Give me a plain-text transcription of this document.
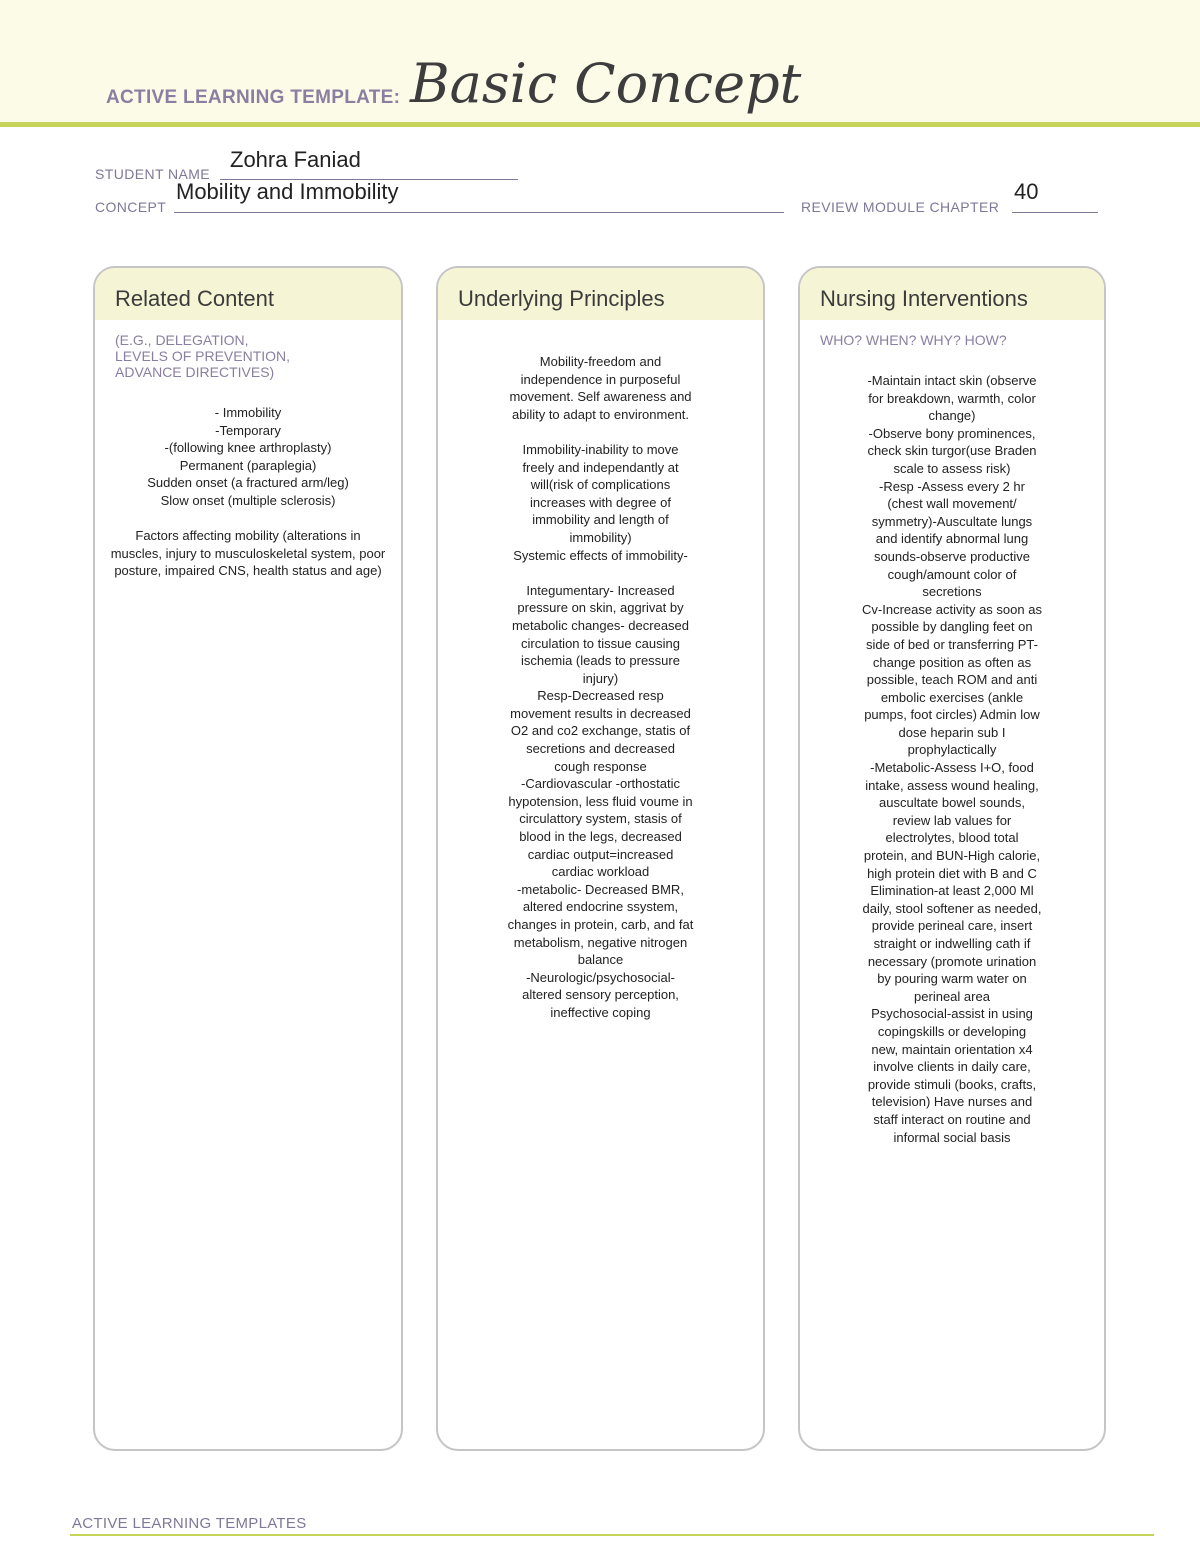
ACTIVE LEARNING TEMPLATE: Basic Concept
STUDENT NAME
Zohra Faniad
CONCEPT
Mobility and Immobility
REVIEW MODULE CHAPTER
40
Related Content
(E.G., DELEGATION,
LEVELS OF PREVENTION,
ADVANCE DIRECTIVES)
- Immobility
-Temporary
-(following knee arthroplasty)
Permanent (paraplegia)
Sudden onset (a fractured arm/leg)
Slow onset (multiple sclerosis)

Factors affecting mobility (alterations in
muscles, injury to musculoskeletal system, poor
posture, impaired CNS, health status and age)
Underlying Principles
Mobility-freedom and
independence in purposeful
movement. Self awareness and
ability to adapt to environment.

Immobility-inability to move
freely and independantly at
will(risk of complications
increases with degree of
immobility and length of
immobility)
Systemic effects of immobility-

Integumentary- Increased
pressure on skin, aggrivat by
metabolic changes- decreased
circulation to tissue causing
ischemia (leads to pressure
injury)
Resp-Decreased resp
movement results in decreased
O2 and co2 exchange, statis of
secretions and decreased
cough response
-Cardiovascular -orthostatic
hypotension, less fluid voume in
circulattory system, stasis of
blood in the legs, decreased
cardiac output=increased
cardiac workload
-metabolic- Decreased BMR,
altered endocrine ssystem,
changes in protein, carb, and fat
metabolism, negative nitrogen
balance
-Neurologic/psychosocial-
altered sensory perception,
ineffective coping
Nursing Interventions
WHO? WHEN? WHY? HOW?
-Maintain intact skin (observe
for breakdown, warmth, color
change)
-Observe bony prominences,
check skin turgor(use Braden
scale to assess risk)
-Resp -Assess every 2 hr
(chest wall movement/
symmetry)-Auscultate lungs
and identify abnormal lung
sounds-observe productive
cough/amount color of
secretions
Cv-Increase activity as soon as
possible by dangling feet on
side of bed or transferring PT-
change position as often as
possible, teach ROM and anti
embolic exercises (ankle
pumps, foot circles) Admin low
dose heparin sub I
prophylactically
-Metabolic-Assess I+O, food
intake, assess wound healing,
auscultate bowel sounds,
review lab values for
electrolytes, blood total
protein, and BUN-High calorie,
high protein diet with B and C
Elimination-at least 2,000 Ml
daily, stool softener as needed,
provide perineal care, insert
straight or indwelling cath if
necessary (promote urination
by pouring warm water on
perineal area
Psychosocial-assist in using
copingskills or developing
new, maintain orientation x4
involve clients in daily care,
provide stimuli (books, crafts,
television) Have nurses and
staff interact on routine and
informal social basis
ACTIVE LEARNING TEMPLATES
